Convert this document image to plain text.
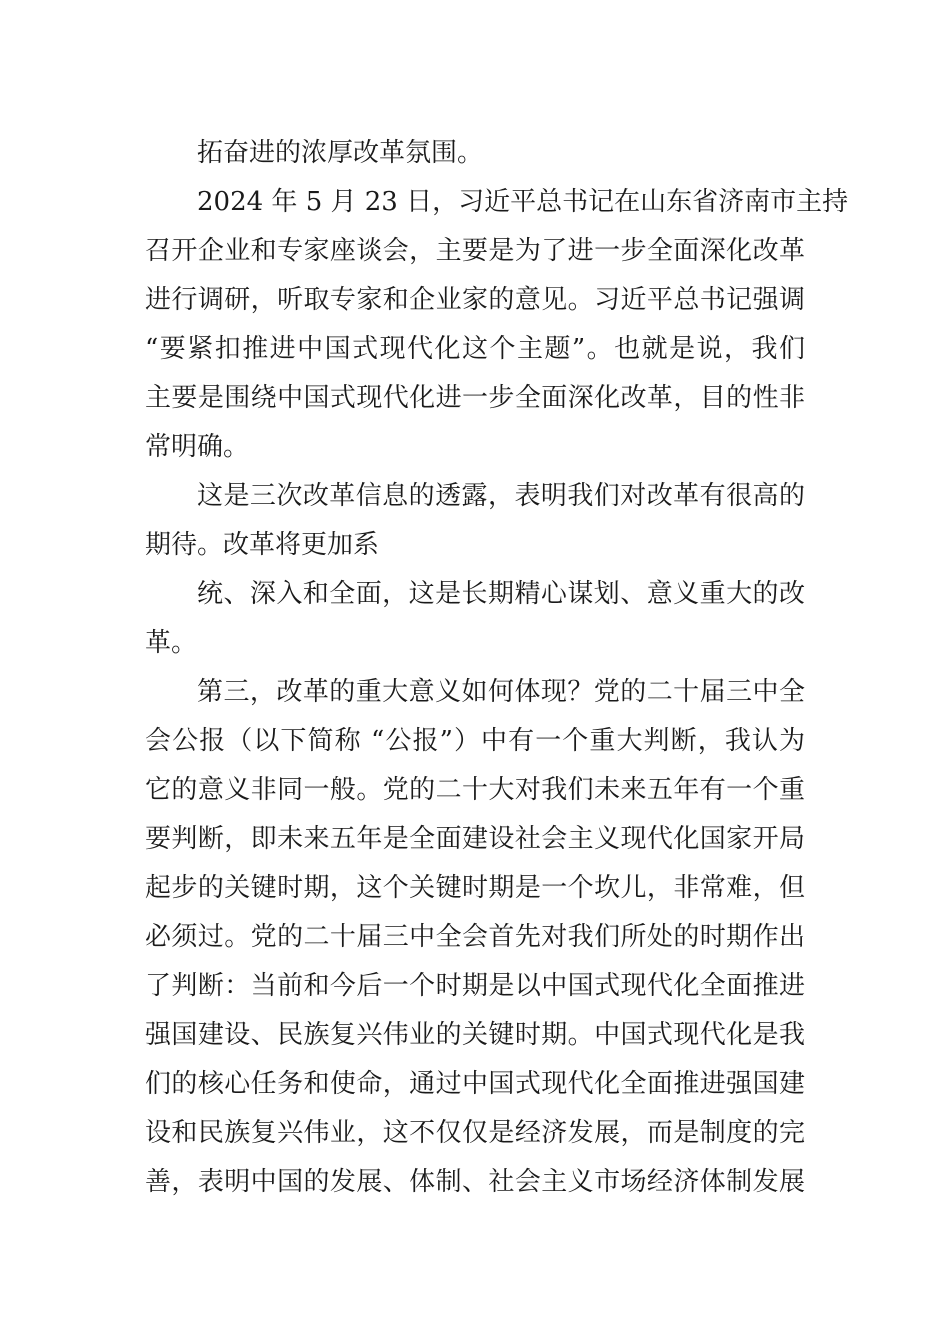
拓奋进的浓厚改革氛围。
2024 年 5 月 23 日，习近平总书记在山东省济南市主持
召开企业和专家座谈会，主要是为了进一步全面深化改革
进行调研，听取专家和企业家的意见。习近平总书记强调
“要紧扣推进中国式现代化这个主题”。也就是说，我们
主要是围绕中国式现代化进一步全面深化改革，目的性非
常明确。
这是三次改革信息的透露，表明我们对改革有很高的
期待。改革将更加系
统、深入和全面，这是长期精心谋划、意义重大的改
革。
第三，改革的重大意义如何体现？党的二十届三中全
会公报（以下简称 “公报”）中有一个重大判断，我认为
它的意义非同一般。党的二十大对我们未来五年有一个重
要判断，即未来五年是全面建设社会主义现代化国家开局
起步的关键时期，这个关键时期是一个坎儿，非常难，但
必须过。党的二十届三中全会首先对我们所处的时期作出
了判断：当前和今后一个时期是以中国式现代化全面推进
强国建设、民族复兴伟业的关键时期。中国式现代化是我
们的核心任务和使命，通过中国式现代化全面推进强国建
设和民族复兴伟业，这不仅仅是经济发展，而是制度的完
善，表明中国的发展、体制、社会主义市场经济体制发展
